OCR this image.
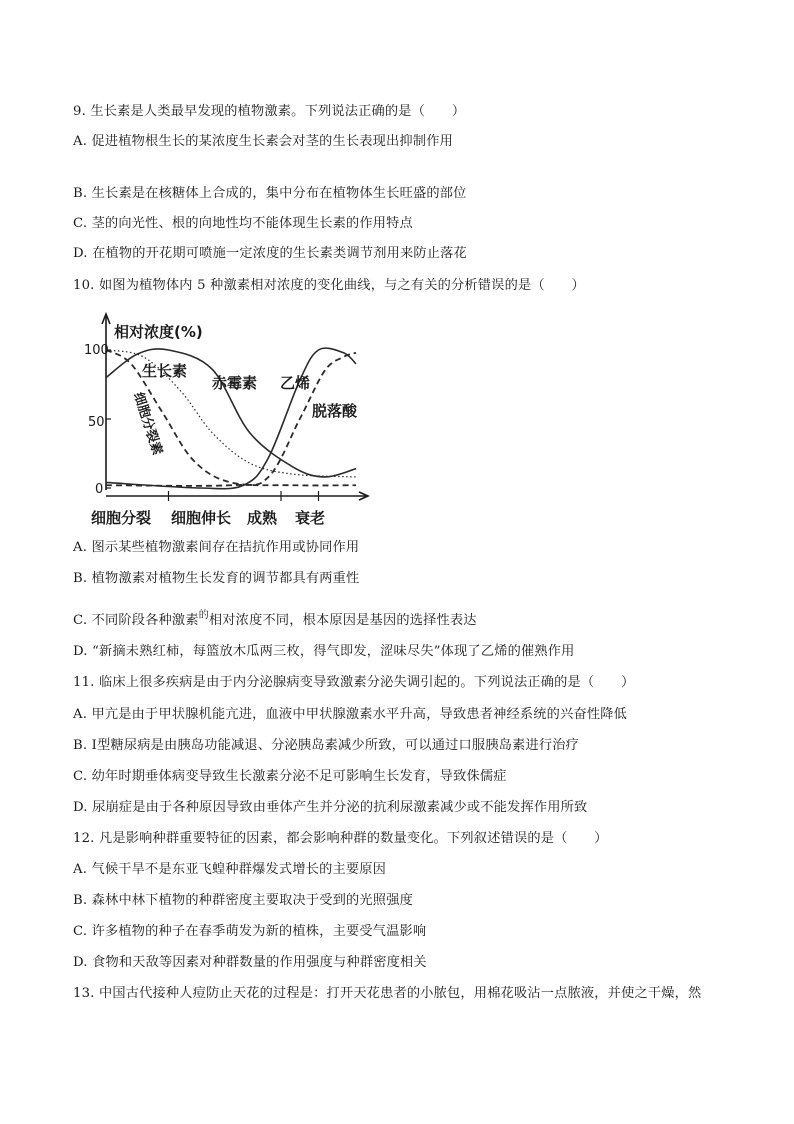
9. 生长素是人类最早发现的植物激素。下列说法正确的是（　　）
A. 促进植物根生长的某浓度生长素会对茎的生长表现出抑制作用
B. 生长素是在核糖体上合成的，集中分布在植物体生长旺盛的部位
C. 茎的向光性、根的向地性均不能体现生长素的作用特点
D. 在植物的开花期可喷施一定浓度的生长素类调节剂用来防止落花
10. 如图为植物体内 5 种激素相对浓度的变化曲线，与之有关的分析错误的是（　　）
相对浓度(%)
100
50
0
生长素
赤霉素 乙烯
脱落酸
细胞分裂素
细胞分裂 细胞伸长 成熟 衰老
A. 图示某些植物激素间存在拮抗作用或协同作用
B. 植物激素对植物生长发育的调节都具有两重性
C. 不同阶段各种激素$^的$相对浓度不同，根本原因是基因的选择性表达
D. “新摘未熟红柿，每篮放木瓜两三枚，得气即发，涩味尽失”体现了乙烯的催熟作用
11. 临床上很多疾病是由于内分泌腺病变导致激素分泌失调引起的。下列说法正确的是（　　）
A. 甲亢是由于甲状腺机能亢进，血液中甲状腺激素水平升高，导致患者神经系统的兴奋性降低
B. Ⅰ型糖尿病是由胰岛功能减退、分泌胰岛素减少所致，可以通过口服胰岛素进行治疗
C. 幼年时期垂体病变导致生长激素分泌不足可影响生长发育，导致侏儒症
D. 尿崩症是由于各种原因导致由垂体产生并分泌的抗利尿激素减少或不能发挥作用所致
12. 凡是影响种群重要特征的因素，都会影响种群的数量变化。下列叙述错误的是（　　）
A. 气候干旱不是东亚飞蝗种群爆发式增长的主要原因
B. 森林中林下植物的种群密度主要取决于受到的光照强度
C. 许多植物的种子在春季萌发为新的植株，主要受气温影响
D. 食物和天敌等因素对种群数量的作用强度与种群密度相关
13. 中国古代接种人痘防止天花的过程是：打开天花患者的小脓包，用棉花吸沾一点脓液，并使之干燥，然
